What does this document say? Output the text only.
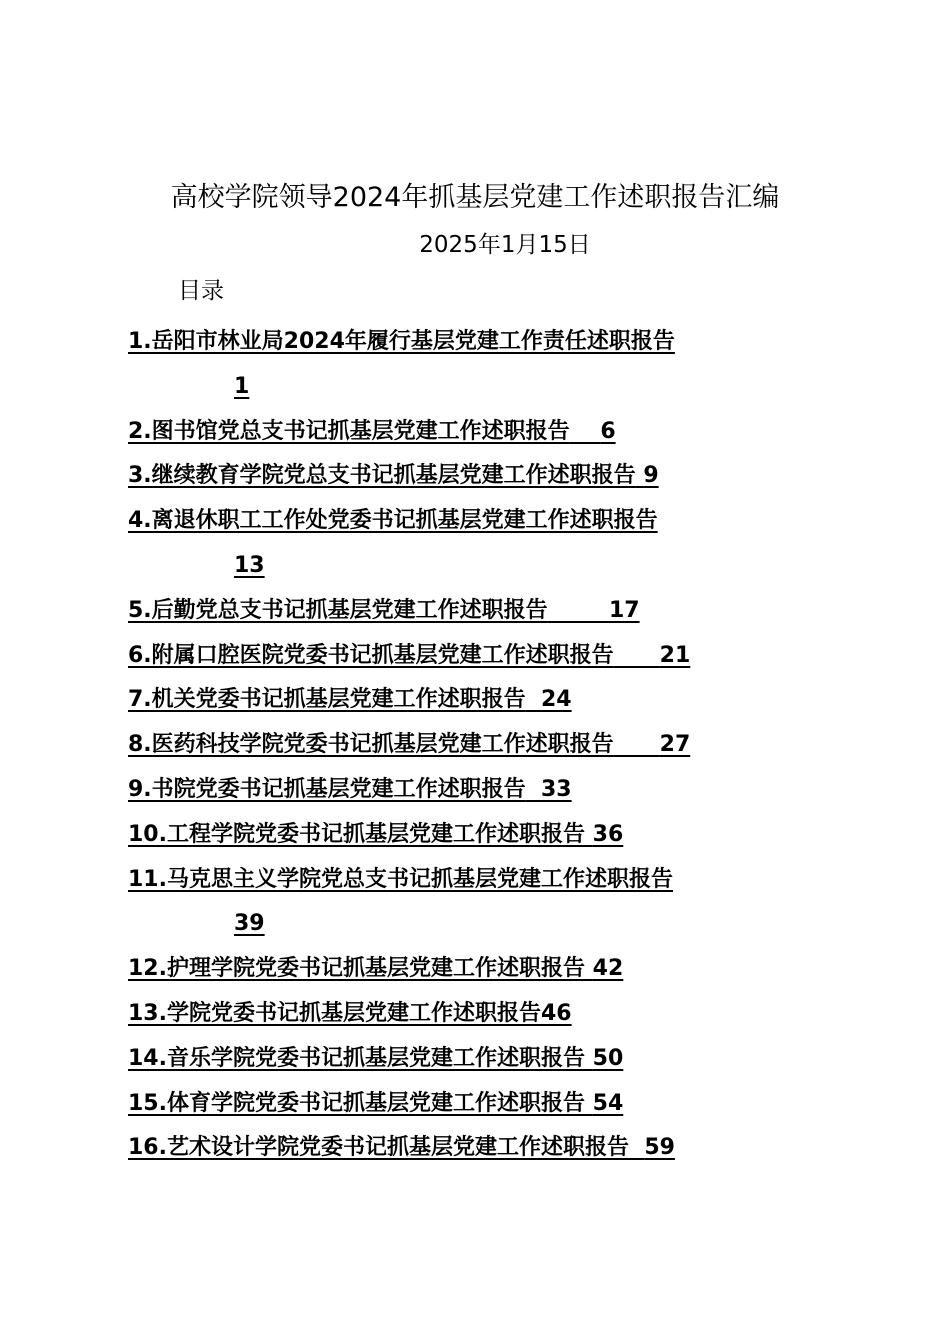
高校学院领导2024年抓基层党建工作述职报告汇编
2025年1月15日
目录
1.岳阳市林业局2024年履行基层党建工作责任述职报告
1
2.图书馆党总支书记抓基层党建工作述职报告 6
3.继续教育学院党总支书记抓基层党建工作述职报告 9
4.离退休职工工作处党委书记抓基层党建工作述职报告
13
5.后勤党总支书记抓基层党建工作述职报告	17
6.附属口腔医院党委书记抓基层党建工作述职报告 21
7.机关党委书记抓基层党建工作述职报告 24
8.医药科技学院党委书记抓基层党建工作述职报告 27
9.书院党委书记抓基层党建工作述职报告 33
10.工程学院党委书记抓基层党建工作述职报告 36
11.马克思主义学院党总支书记抓基层党建工作述职报告
39
12.护理学院党委书记抓基层党建工作述职报告 42
13.学院党委书记抓基层党建工作述职报告46
14.音乐学院党委书记抓基层党建工作述职报告 50
15.体育学院党委书记抓基层党建工作述职报告 54
16.艺术设计学院党委书记抓基层党建工作述职报告 59
